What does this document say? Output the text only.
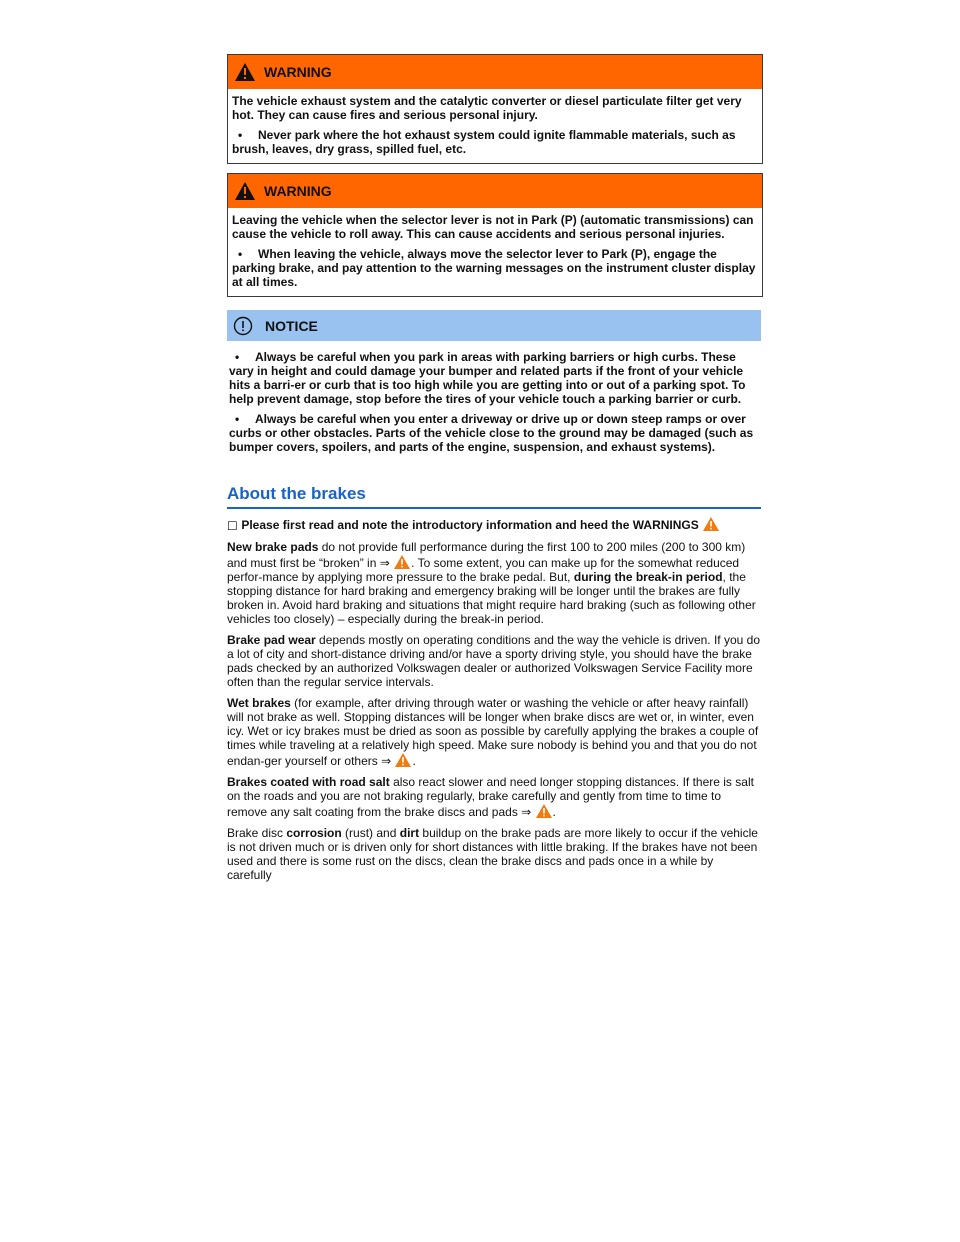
WARNING

The vehicle exhaust system and the catalytic converter or diesel particulate filter get very hot. They can cause fires and serious personal injury.

• Never park where the hot exhaust system could ignite flammable materials, such as brush, leaves, dry grass, spilled fuel, etc.

WARNING

Leaving the vehicle when the selector lever is not in Park (P) (automatic transmissions) can cause the vehicle to roll away. This can cause accidents and serious personal injuries.

• When leaving the vehicle, always move the selector lever to Park (P), engage the parking brake, and pay attention to the warning messages on the instrument cluster display at all times.

NOTICE

• Always be careful when you park in areas with parking barriers or high curbs. These vary in height and could damage your bumper and related parts if the front of your vehicle hits a barri-er or curb that is too high while you are getting into or out of a parking spot. To help prevent damage, stop before the tires of your vehicle touch a parking barrier or curb.

• Always be careful when you enter a driveway or drive up or down steep ramps or over curbs or other obstacles. Parts of the vehicle close to the ground may be damaged (such as bumper covers, spoilers, and parts of the engine, suspension, and exhaust systems).

About the brakes

☐ Please first read and note the introductory information and heed the WARNINGS

New brake pads do not provide full performance during the first 100 to 200 miles (200 to 300 km) and must first be “broken” in ⇒ . To some extent, you can make up for the somewhat reduced perfor-mance by applying more pressure to the brake pedal. But, during the break-in period, the stopping distance for hard braking and emergency braking will be longer until the brakes are fully broken in. Avoid hard braking and situations that might require hard braking (such as following other vehicles too closely) – especially during the break-in period.

Brake pad wear depends mostly on operating conditions and the way the vehicle is driven. If you do a lot of city and short-distance driving and/or have a sporty driving style, you should have the brake pads checked by an authorized Volkswagen dealer or authorized Volkswagen Service Facility more often than the regular service intervals.

Wet brakes (for example, after driving through water or washing the vehicle or after heavy rainfall) will not brake as well. Stopping distances will be longer when brake discs are wet or, in winter, even icy. Wet or icy brakes must be dried as soon as possible by carefully applying the brakes a couple of times while traveling at a relatively high speed. Make sure nobody is behind you and that you do not endan-ger yourself or others ⇒ .

Brakes coated with road salt also react slower and need longer stopping distances. If there is salt on the roads and you are not braking regularly, brake carefully and gently from time to time to remove any salt coating from the brake discs and pads ⇒ .

Brake disc corrosion (rust) and dirt buildup on the brake pads are more likely to occur if the vehicle is not driven much or is driven only for short distances with little braking. If the brakes have not been used and there is some rust on the discs, clean the brake discs and pads once in a while by carefully
